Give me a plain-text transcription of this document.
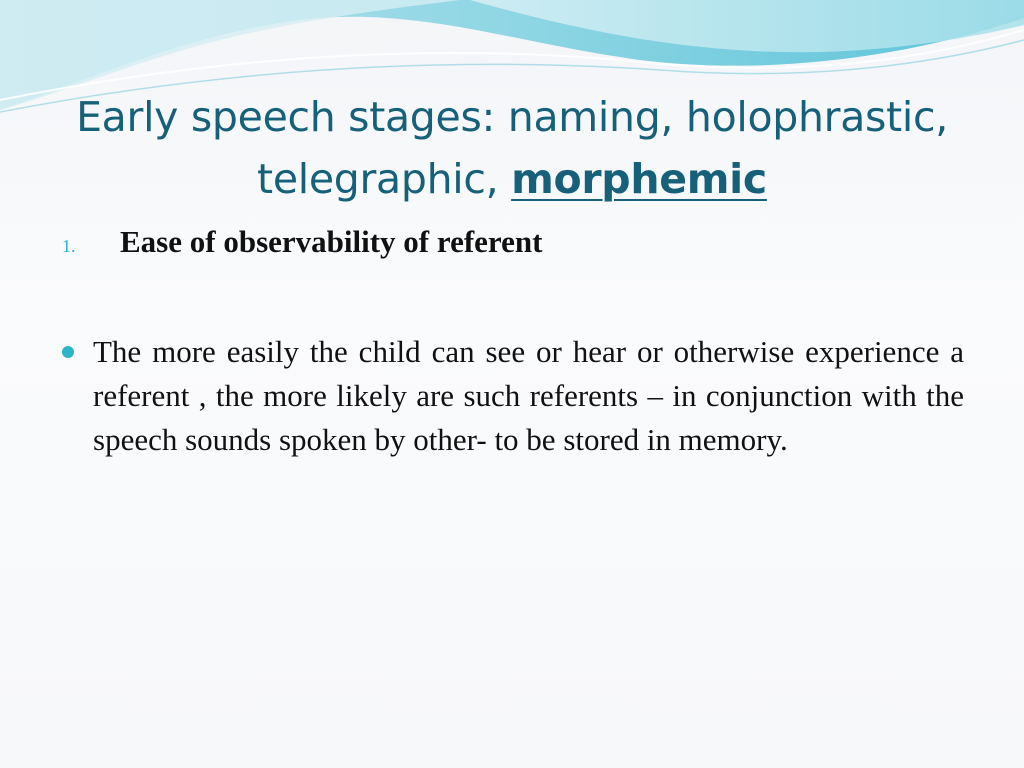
Early speech stages: naming, holophrastic,
telegraphic, morphemic
1.	Ease of observability of referent

The more easily the child can see or hear or otherwise experience a referent , the more likely are such referents – in conjunction with the speech sounds spoken by other- to be stored in memory.
